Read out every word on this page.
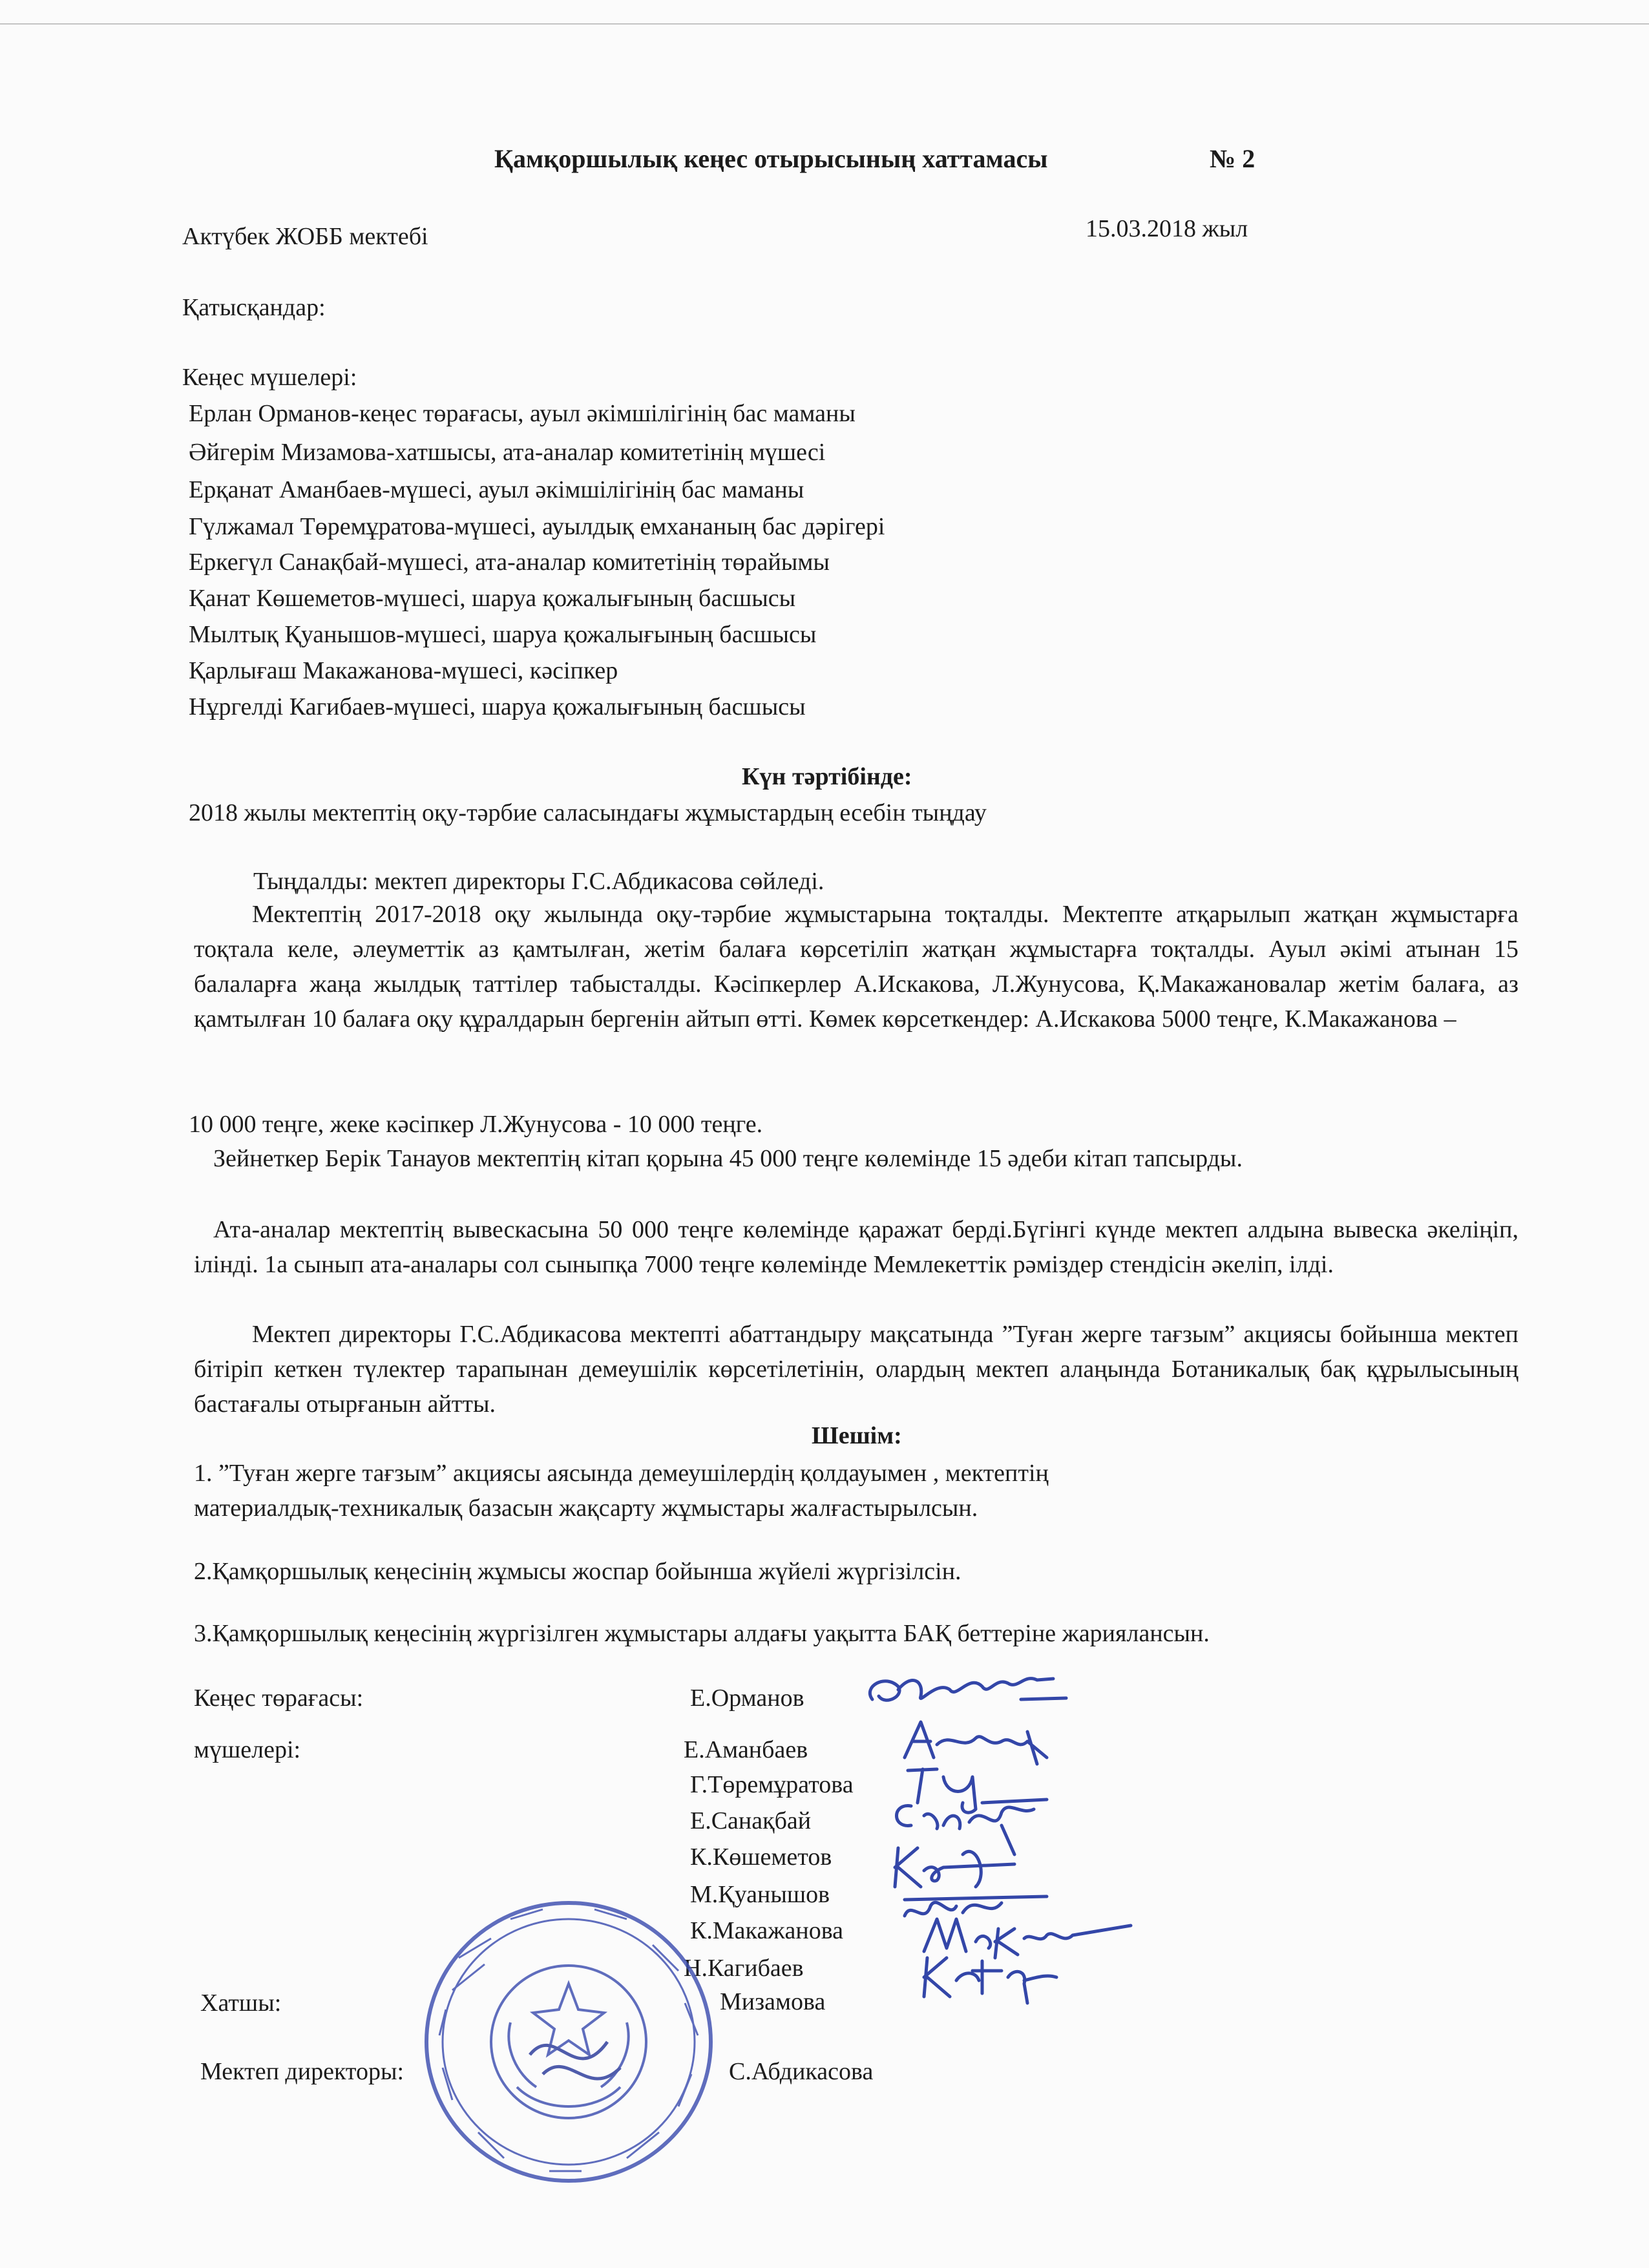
Қамқоршылық кеңес отырысының хаттамасы	№ 2
Актүбек ЖОББ мектебі	15.03.2018 жыл
Қатысқандар:
Кеңес мүшелері:
Ерлан Орманов-кеңес төрағасы, ауыл әкімшілігінің бас маманы
Әйгерім Мизамова-хатшысы, ата-аналар комитетінің мүшесі
Ерқанат Аманбаев-мүшесі, ауыл әкімшілігінің бас маманы
Гүлжамал Төремұратова-мүшесі, ауылдық емхананың бас дәрігері
Еркегүл Санақбай-мүшесі, ата-аналар комитетінің төрайымы
Қанат Көшеметов-мүшесі, шаруа қожалығының басшысы
Мылтық Қуанышов-мүшесі, шаруа қожалығының басшысы
Қарлығаш Макажанова-мүшесі, кәсіпкер
Нұргелді Кагибаев-мүшесі, шаруа қожалығының басшысы
Күн тәртібінде:
2018 жылы мектептің оқу-тәрбие саласындағы жұмыстардың есебін тыңдау
Тыңдалды: мектеп директоры Г.С.Абдикасова сөйледі.

Мектептің 2017-2018 оқу жылында оқу-тәрбие жұмыстарына тоқталды. Мектепте атқарылып жатқан жұмыстарға тоқтала келе, әлеуметтік аз қамтылған, жетім балаға көрсетіліп жатқан жұмыстарға тоқталды. Ауыл әкімі атынан 15 балаларға жаңа жылдық таттілер табысталды. Кәсіпкерлер А.Искакова, Л.Жунусова, Қ.Макажановалар жетім балаға, аз қамтылған 10 балаға оқу құралдарын бергенін айтып өтті. Көмек көрсеткендер: А.Искакова 5000 теңге, К.Макажанова –

10 000 теңге, жеке кәсіпкер Л.Жунусова - 10 000 теңге.

Зейнеткер Берік Танауов мектептің кітап қорына 45 000 теңге көлемінде 15 әдеби кітап тапсырды.

Ата-аналар мектептің вывескасына 50 000 теңге көлемінде қаражат берді.Бүгінгі күнде мектеп алдына вывеска әкеліңіп, ілінді. 1а сынып ата-аналары сол сыныпқа 7000 теңге көлемінде Мемлекеттік рәміздер стендісін әкеліп, ілді.

Мектеп директоры Г.С.Абдикасова мектепті абаттандыру мақсатында ”Туған жерге тағзым” акциясы бойынша мектеп бітіріп кеткен түлектер тарапынан демеушілік көрсетілетінін, олардың мектеп алаңында Ботаникалық бақ құрылысының бастағалы отырғанын айтты.

Шешім:
1. ”Туған жерге тағзым” акциясы аясында демеушілердің қолдауымен , мектептің
материалдық-техникалық базасын жақсарту жұмыстары жалғастырылсын.
2.Қамқоршылық кеңесінің жұмысы жоспар бойынша жүйелі жүргізілсін.
3.Қамқоршылық кеңесінің жүргізілген жұмыстары алдағы уақытта БАҚ беттеріне жариялансын.
Кеңес төрағасы:	Е.Орманов
мүшелері:	Е.Аманбаев
Г.Төремұратова
Е.Санақбай
К.Көшеметов
М.Қуанышов
К.Макажанова
Н.Кагибаев
Хатшы:	Мизамова
Мектеп директоры:	С.Абдикасова
